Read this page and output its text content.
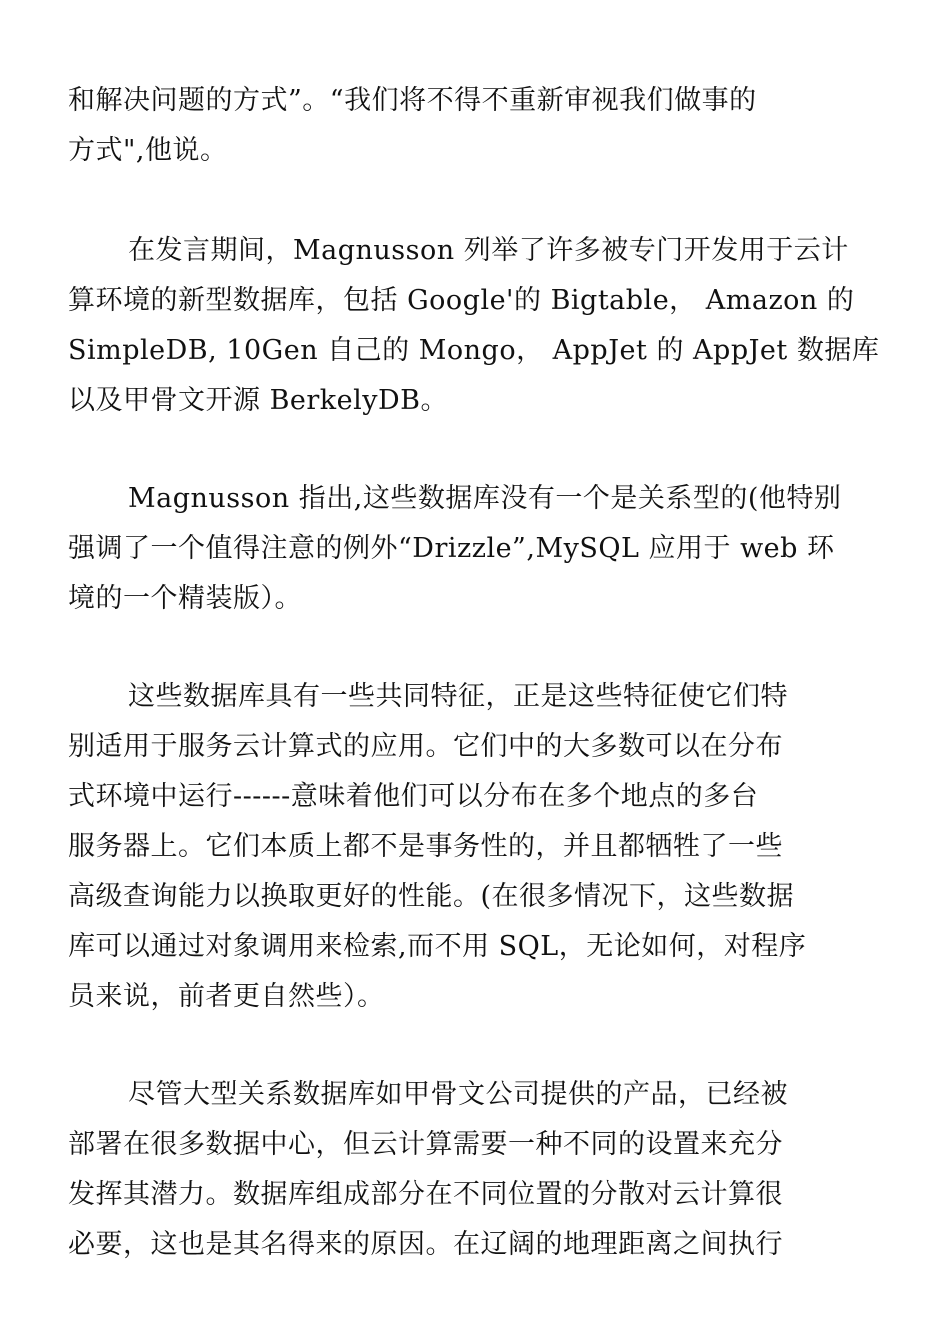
和解决问题的方式”。“我们将不得不重新审视我们做事的
方式",他说。
在发言期间，Magnusson 列举了许多被专门开发用于云计
算环境的新型数据库，包括 Google'的 Bigtable， Amazon 的
SimpleDB, 10Gen 自己的 Mongo， AppJet 的 AppJet 数据库
以及甲骨文开源 BerkelyDB。
Magnusson 指出,这些数据库没有一个是关系型的(他特别
强调了一个值得注意的例外“Drizzle”,MySQL 应用于 web 环
境的一个精装版）。
这些数据库具有一些共同特征，正是这些特征使它们特
别适用于服务云计算式的应用。它们中的大多数可以在分布
式环境中运行------意味着他们可以分布在多个地点的多台
服务器上。它们本质上都不是事务性的，并且都牺牲了一些
高级查询能力以换取更好的性能。(在很多情况下，这些数据
库可以通过对象调用来检索,而不用 SQL，无论如何，对程序
员来说，前者更自然些）。
尽管大型关系数据库如甲骨文公司提供的产品，已经被
部署在很多数据中心，但云计算需要一种不同的设置来充分
发挥其潜力。数据库组成部分在不同位置的分散对云计算很
必要，这也是其名得来的原因。在辽阔的地理距离之间执行
